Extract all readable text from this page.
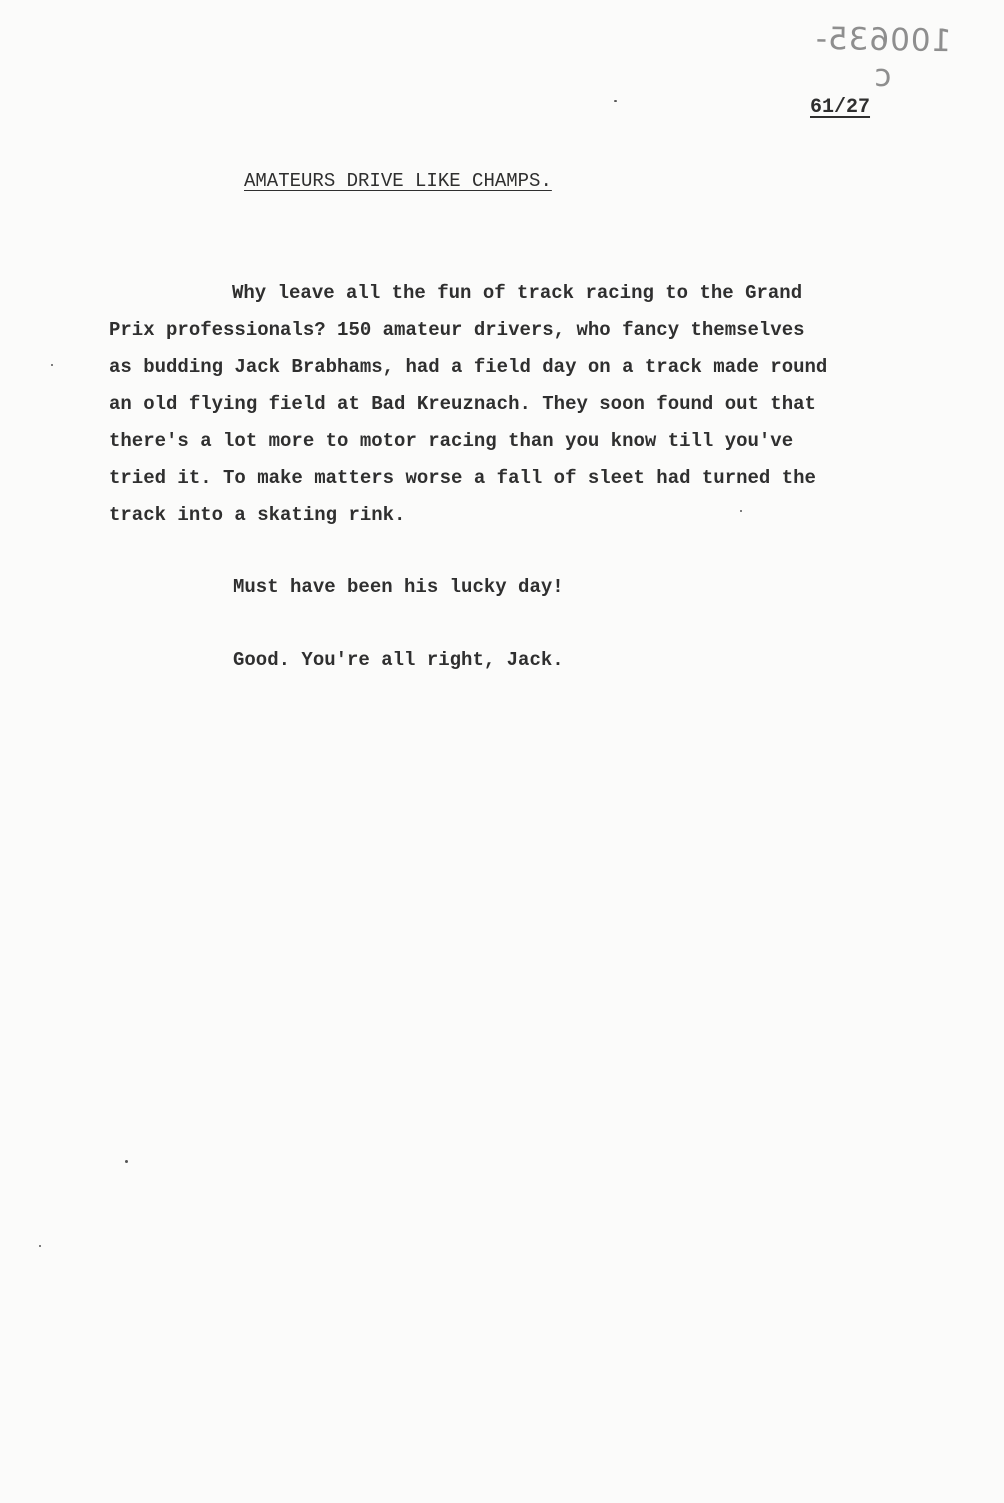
100635-c
61/27
AMATEURS DRIVE LIKE CHAMPS.
Why leave all the fun of track racing to the Grand
Prix professionals? 150 amateur drivers, who fancy themselves
as budding Jack Brabhams, had a field day on a track made round
an old flying field at Bad Kreuznach. They soon found out that
there's a lot more to motor racing than you know till you've
tried it. To make matters worse a fall of sleet had turned the
track into a skating rink.
Must have been his lucky day!
Good. You're all right, Jack.
